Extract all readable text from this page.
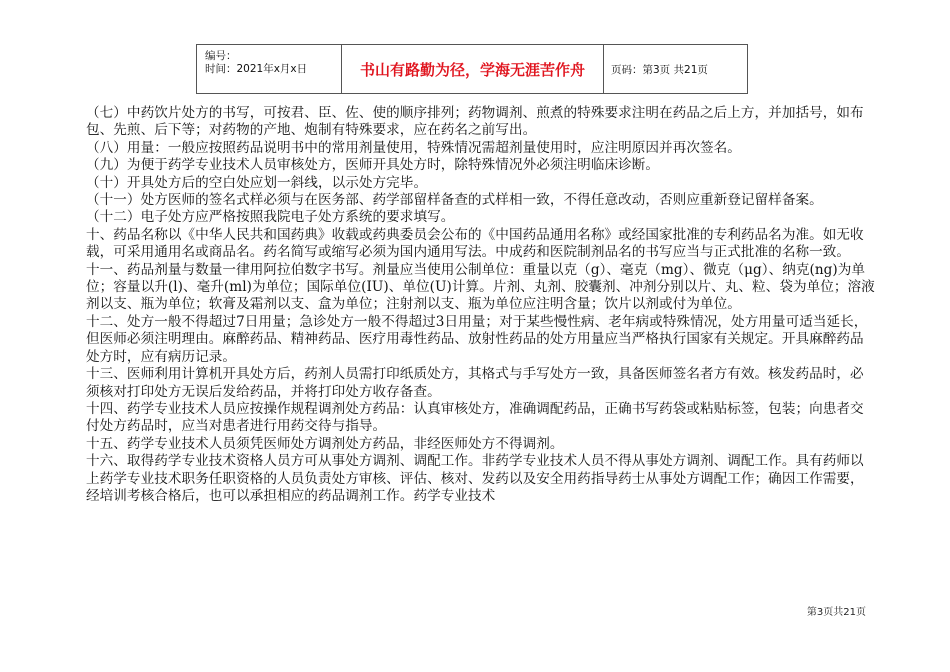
编号：
时间：2021年x月x日	书山有路勤为径，学海无涯苦作舟	页码：第3页 共21页

（七）中药饮片处方的书写，可按君、臣、佐、使的顺序排列；药物调剂、煎煮的特殊要求注明在药品之后上方，并加括号，如布包、先煎、后下等；对药物的产地、炮制有特殊要求，应在药名之前写出。

（八）用量：一般应按照药品说明书中的常用剂量使用，特殊情况需超剂量使用时，应注明原因并再次签名。

（九）为便于药学专业技术人员审核处方，医师开具处方时，除特殊情况外必须注明临床诊断。

（十）开具处方后的空白处应划一斜线，以示处方完毕。

（十一）处方医师的签名式样必须与在医务部、药学部留样备查的式样相一致，不得任意改动，否则应重新登记留样备案。

（十二）电子处方应严格按照我院电子处方系统的要求填写。

十、药品名称以《中华人民共和国药典》收载或药典委员会公布的《中国药品通用名称》或经国家批准的专利药品名为准。如无收载，可采用通用名或商品名。药名简写或缩写必须为国内通用写法。中成药和医院制剂品名的书写应当与正式批准的名称一致。

十一、药品剂量与数量一律用阿拉伯数字书写。剂量应当使用公制单位：重量以克（g）、毫克（mg）、微克（μg）、纳克(ng)为单位；容量以升(l)、毫升(ml)为单位；国际单位(IU)、单位(U)计算。片剂、丸剂、胶囊剂、冲剂分别以片、丸、粒、袋为单位；溶液剂以支、瓶为单位；软膏及霜剂以支、盒为单位；注射剂以支、瓶为单位应注明含量；饮片以剂或付为单位。

十二、处方一般不得超过7日用量；急诊处方一般不得超过3日用量；对于某些慢性病、老年病或特殊情况，处方用量可适当延长，但医师必须注明理由。麻醉药品、精神药品、医疗用毒性药品、放射性药品的处方用量应当严格执行国家有关规定。开具麻醉药品处方时，应有病历记录。

十三、医师利用计算机开具处方后，药剂人员需打印纸质处方，其格式与手写处方一致，具备医师签名者方有效。核发药品时，必须核对打印处方无误后发给药品，并将打印处方收存备查。

十四、药学专业技术人员应按操作规程调剂处方药品：认真审核处方，准确调配药品，正确书写药袋或粘贴标签，包装；向患者交付处方药品时，应当对患者进行用药交待与指导。

十五、药学专业技术人员须凭医师处方调剂处方药品，非经医师处方不得调剂。

十六、取得药学专业技术资格人员方可从事处方调剂、调配工作。非药学专业技术人员不得从事处方调剂、调配工作。具有药师以上药学专业技术职务任职资格的人员负责处方审核、评估、核对、发药以及安全用药指导药士从事处方调配工作；确因工作需要，经培训考核合格后，也可以承担相应的药品调剂工作。药学专业技术

第3页共21页
